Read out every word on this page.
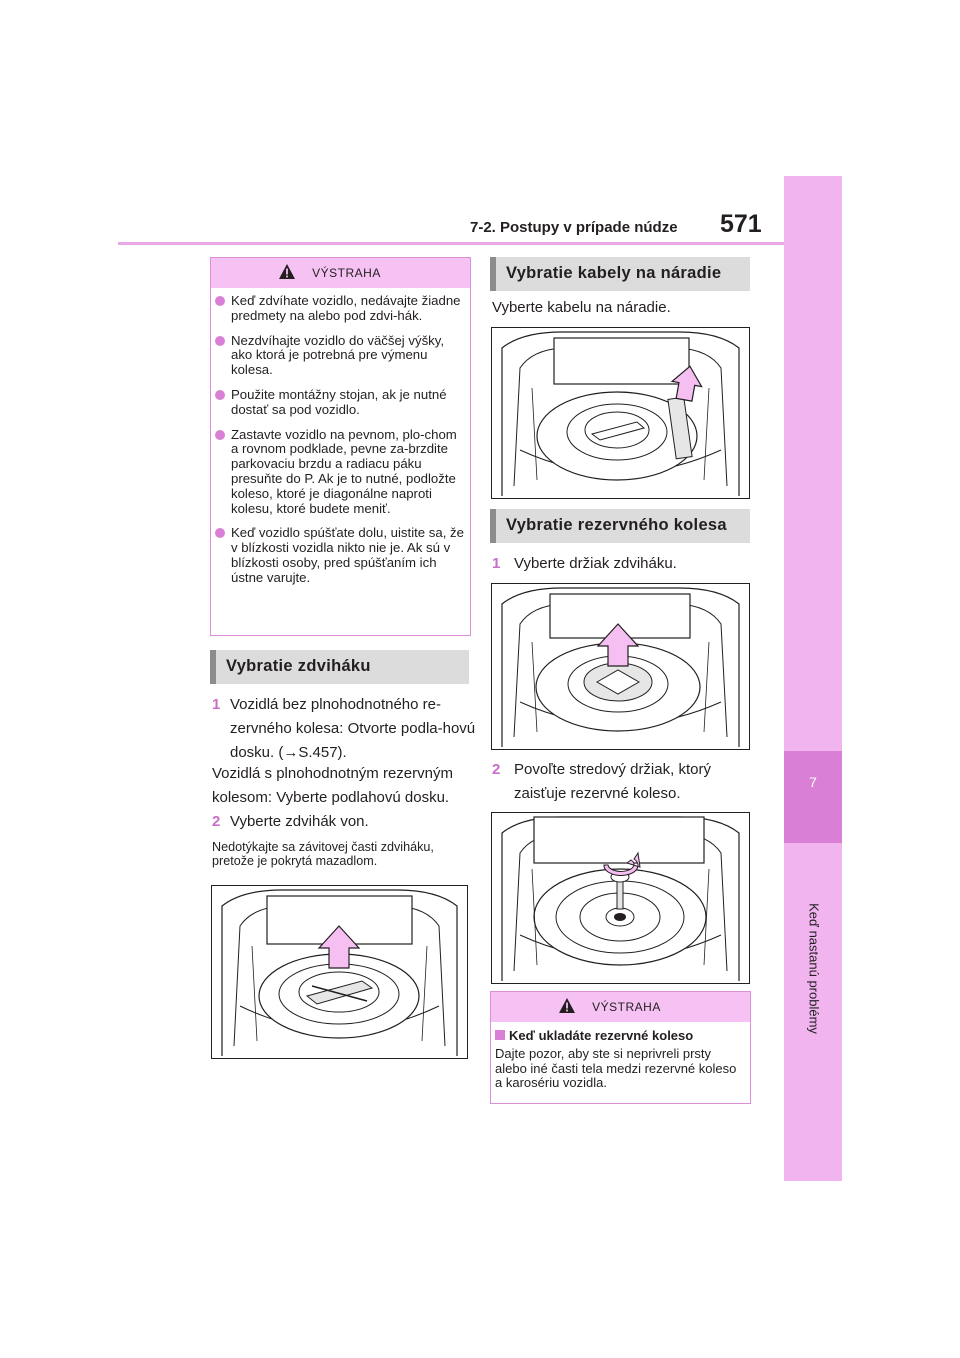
7-2. Postupy v prípade núdze 571
7
Keď nastanú problémy
VÝSTRAHA
Keď zdvíhate vozidlo, nedávajte žiadne predmety na alebo pod zdvi-hák.
Nezdvíhajte vozidlo do väčšej výšky, ako ktorá je potrebná pre výmenu kolesa.
Použite montážny stojan, ak je nutné dostať sa pod vozidlo.
Zastavte vozidlo na pevnom, plo-chom a rovnom podklade, pevne za-brzdite parkovaciu brzdu a radiacu páku presuňte do P. Ak je to nutné, podložte koleso, ktoré je diagonálne naproti kolesu, ktoré budete meniť.
Keď vozidlo spúšťate dolu, uistite sa, že v blízkosti vozidla nikto nie je. Ak sú v blízkosti osoby, pred spúšťaním ich ústne varujte.
Vybratie zdviháku
1 Vozidlá bez plnohodnotného re-zervného kolesa: Otvorte podla-hovú dosku. (→S.457).
Vozidlá s plnohodnotným rezervným kolesom: Vyberte podlahovú dosku.
2 Vyberte zdvihák von.
Nedotýkajte sa závitovej časti zdviháku, pretože je pokrytá mazadlom.
Vybratie kabely na náradie
Vyberte kabelu na náradie.
Vybratie rezervného kolesa
1 Vyberte držiak zdviháku.
2 Povoľte stredový držiak, ktorý zaisťuje rezervné koleso.
VÝSTRAHA
Keď ukladáte rezervné koleso
Dajte pozor, aby ste si neprivreli prsty alebo iné časti tela medzi rezervné koleso a karosériu vozidla.
